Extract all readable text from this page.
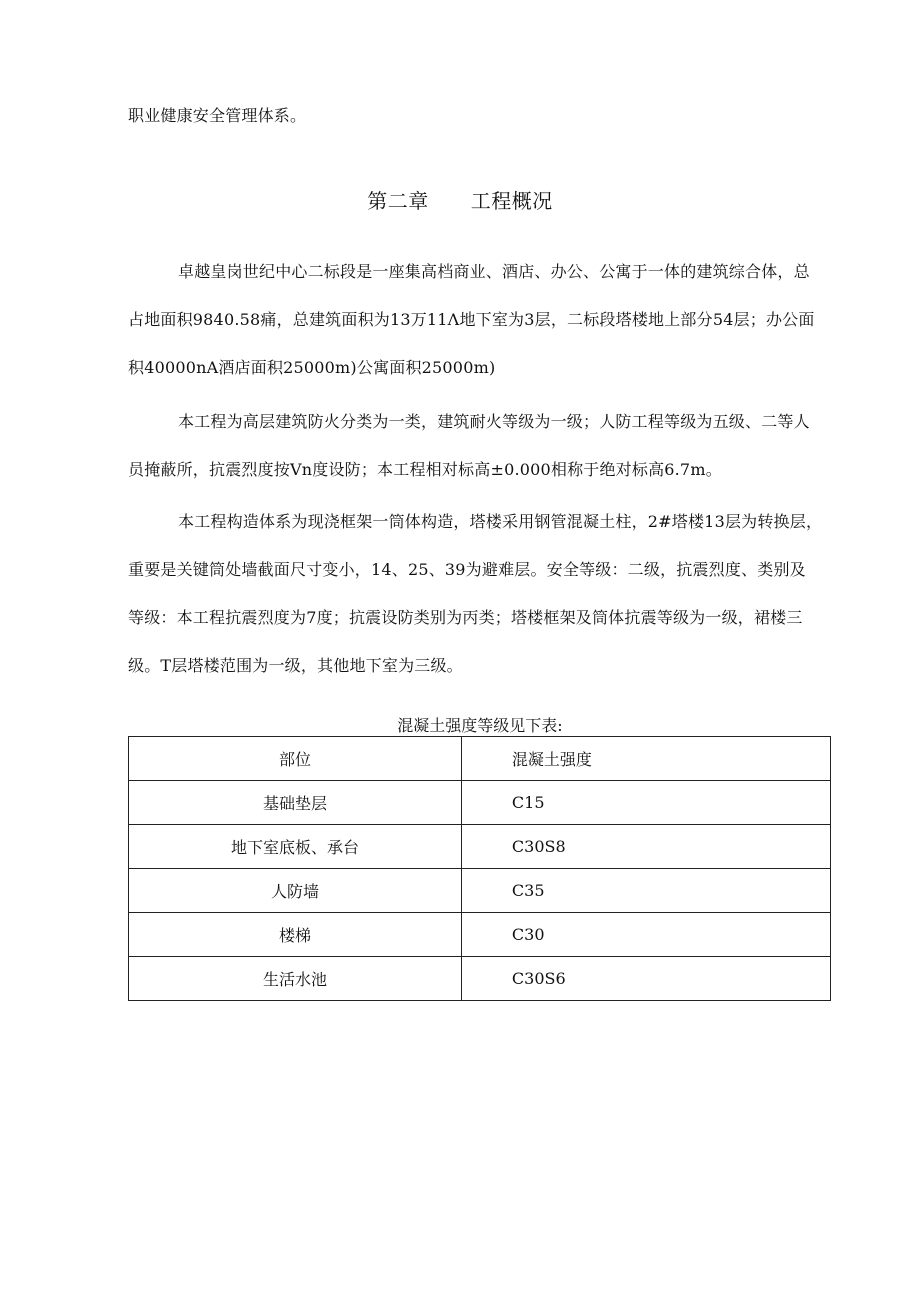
职业健康安全管理体系。
第二章 工程概况
卓越皇岗世纪中心二标段是一座集高档商业、酒店、办公、公寓于一体的建筑综合体，总
占地面积9840.58痛，总建筑面积为13万11Λ地下室为3层，二标段塔楼地上部分54层；办公面
积40000nA酒店面积25000m)公寓面积25000m)
本工程为高层建筑防火分类为一类，建筑耐火等级为一级；人防工程等级为五级、二等人
员掩蔽所，抗震烈度按Vn度设防；本工程相对标高±0.000相称于绝对标高6.7m。
本工程构造体系为现浇框架一筒体构造，塔楼采用钢管混凝土柱，2#塔楼13层为转换层，
重要是关键筒处墙截面尺寸变小，14、25、39为避难层。安全等级：二级，抗震烈度、类别及
等级：本工程抗震烈度为7度；抗震设防类别为丙类；塔楼框架及筒体抗震等级为一级，裙楼三
级。T层塔楼范围为一级，其他地下室为三级。
混凝土强度等级见下表:
部位	混凝土强度
基础垫层	C15
地下室底板、承台	C30S8
人防墙	C35
楼梯	C30
生活水池	C30S6
